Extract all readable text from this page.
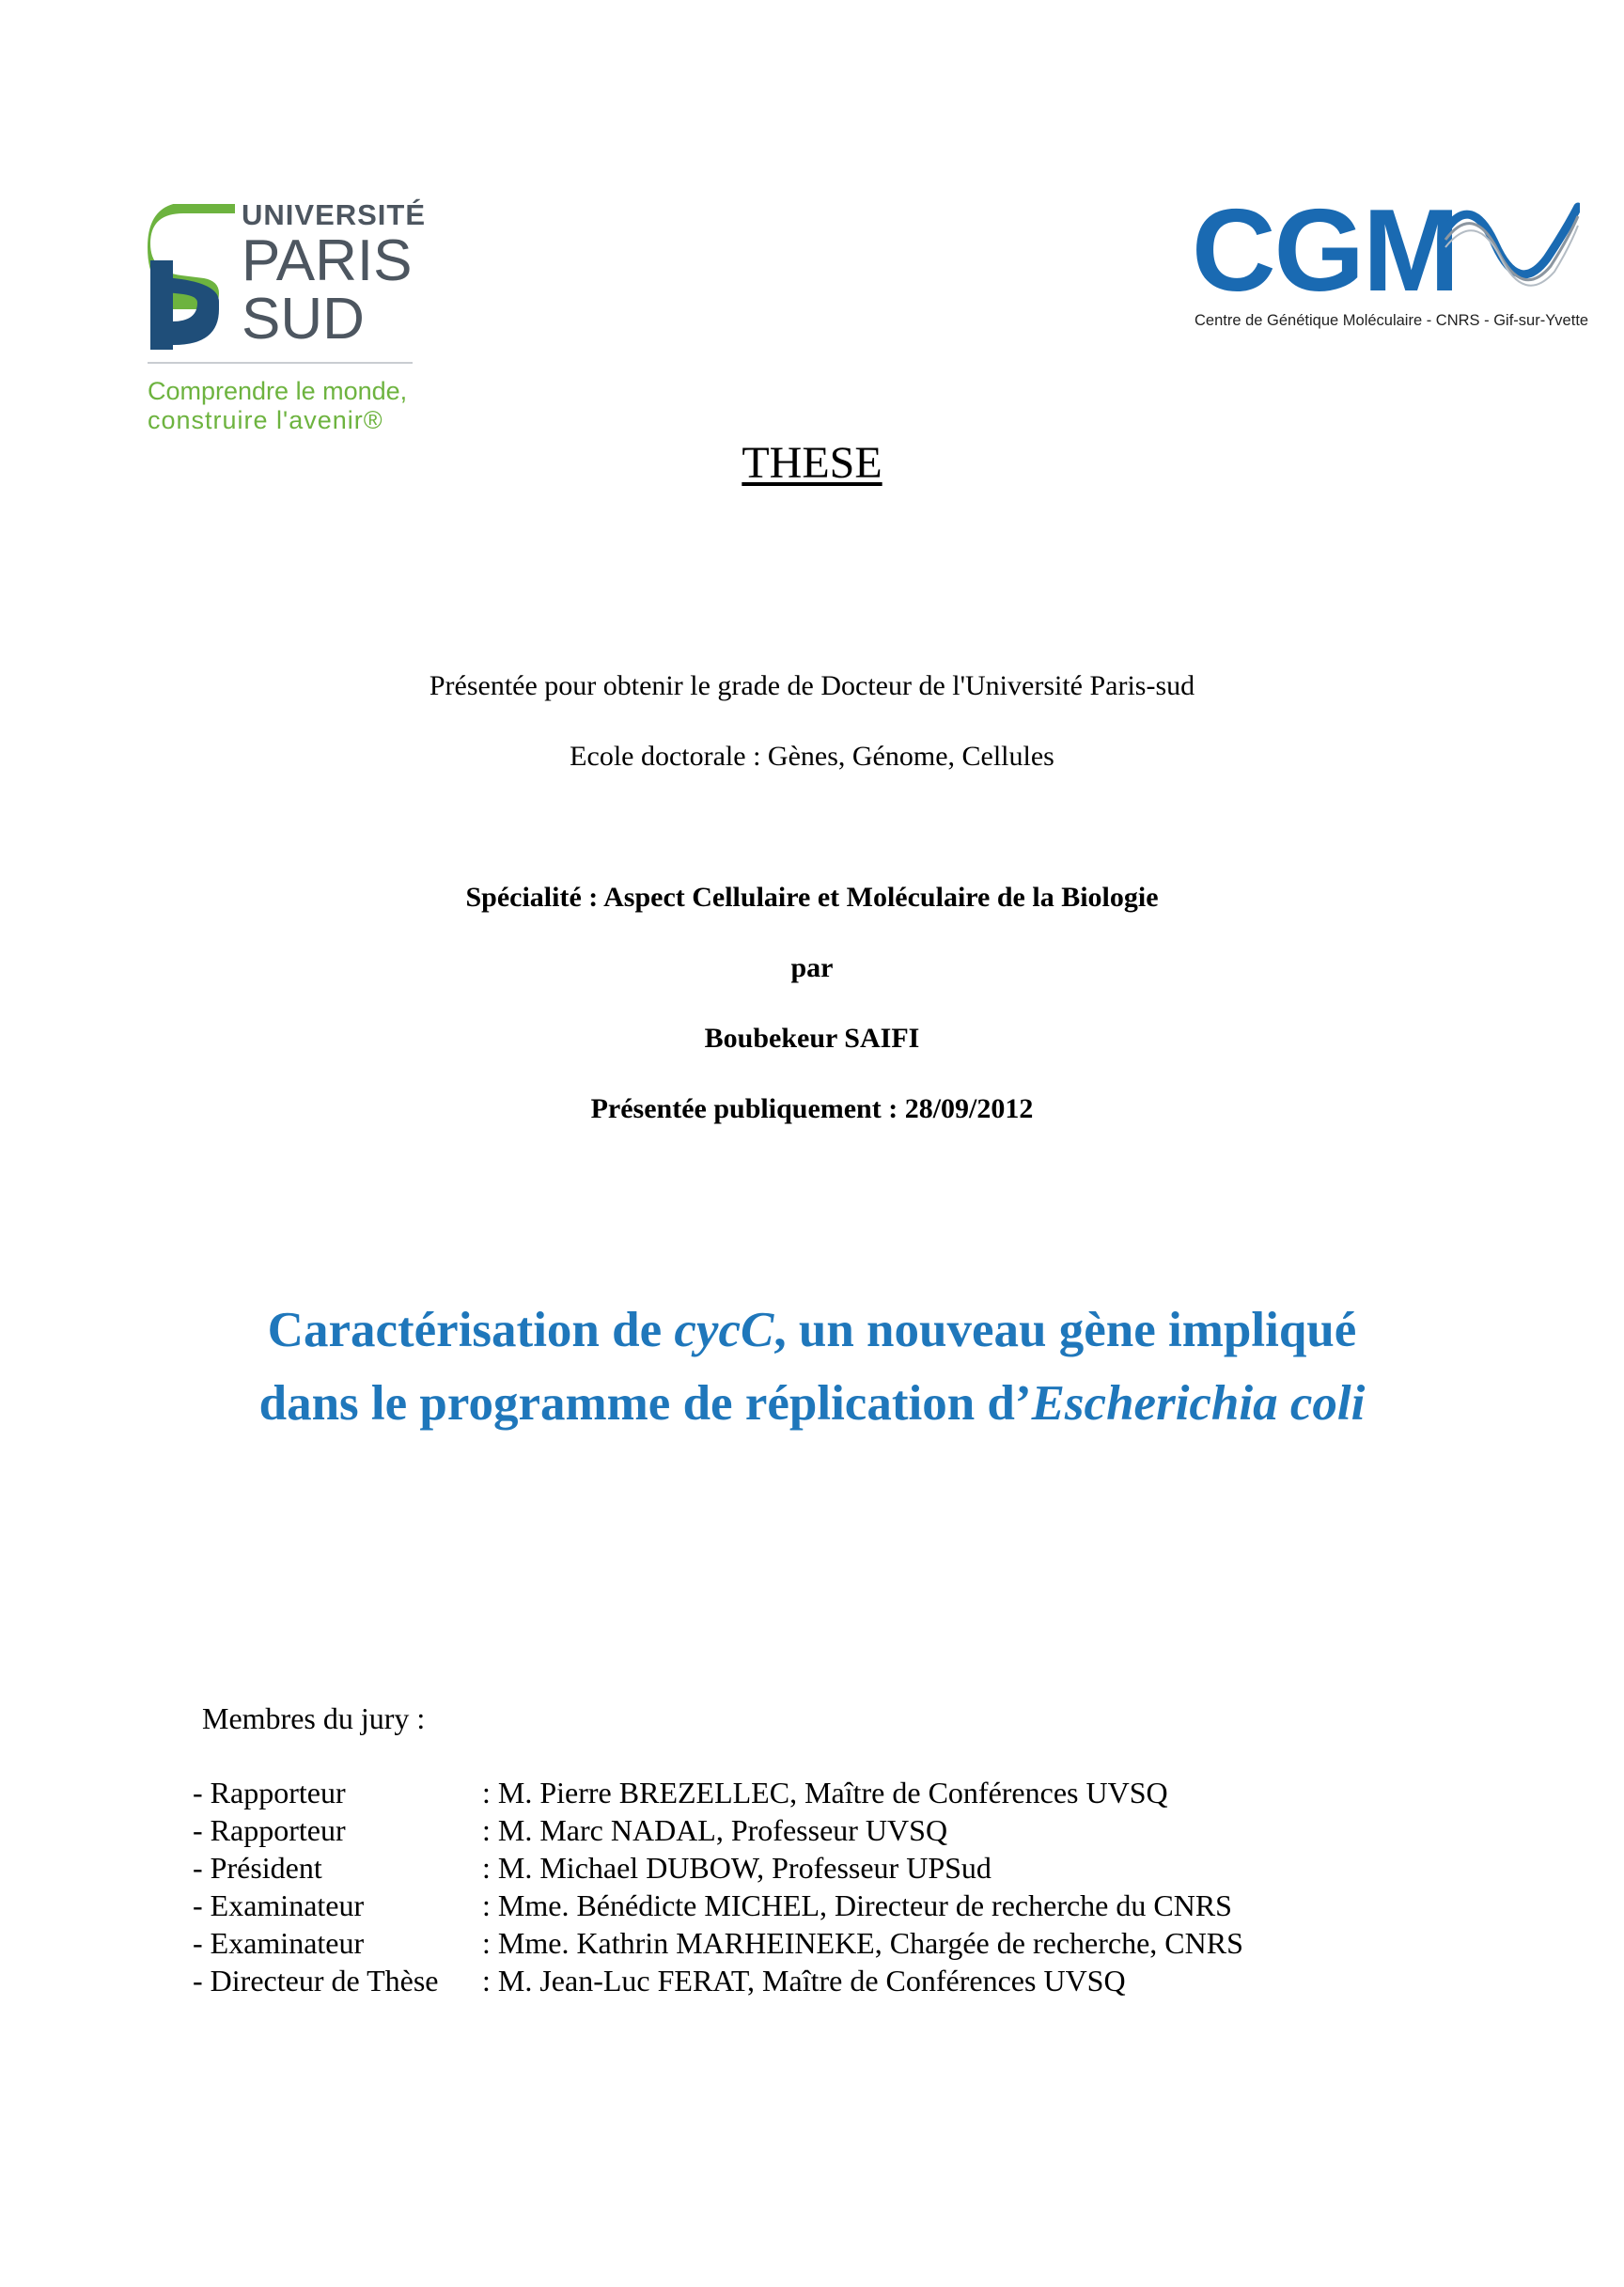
UNIVERSITÉ
PARIS
SUD
Comprendre le monde,
construire l'avenir®
CGM
Centre de Génétique Moléculaire - CNRS - Gif-sur-Yvette
THESE
Présentée pour obtenir le grade de Docteur de l'Université Paris-sud
Ecole doctorale : Gènes, Génome, Cellules
Spécialité : Aspect Cellulaire et Moléculaire de la Biologie
par
Boubekeur SAIFI
Présentée publiquement : 28/09/2012
Caractérisation de cycC, un nouveau gène impliqué
dans le programme de réplication d’Escherichia coli
Membres du jury :
- Rapporteur	: M. Pierre BREZELLEC, Maître de Conférences UVSQ
- Rapporteur	: M. Marc NADAL, Professeur UVSQ
- Président	: M. Michael DUBOW, Professeur UPSud
- Examinateur	: Mme. Bénédicte MICHEL, Directeur de recherche du CNRS
- Examinateur	: Mme. Kathrin MARHEINEKE, Chargée de recherche, CNRS
- Directeur de Thèse : M. Jean-Luc FERAT, Maître de Conférences UVSQ
